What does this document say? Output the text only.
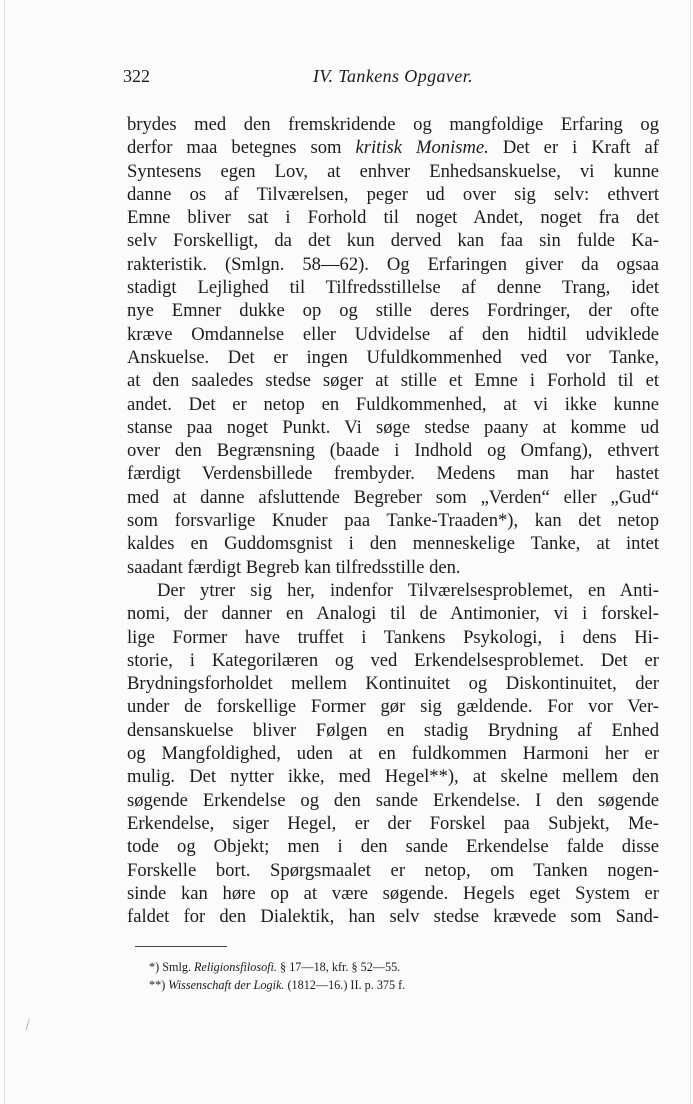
322	IV. Tankens Opgaver.
brydes med den fremskridende og mangfoldige Erfaring og
derfor maa betegnes som kritisk Monisme. Det er i Kraft af
Syntesens egen Lov, at enhver Enhedsanskuelse, vi kunne
danne os af Tilværelsen, peger ud over sig selv: ethvert
Emne bliver sat i Forhold til noget Andet, noget fra det
selv Forskelligt, da det kun derved kan faa sin fulde Ka-
rakteristik. (Smlgn. 58—62). Og Erfaringen giver da ogsaa
stadigt Lejlighed til Tilfredsstillelse af denne Trang, idet
nye Emner dukke op og stille deres Fordringer, der ofte
kræve Omdannelse eller Udvidelse af den hidtil udviklede
Anskuelse. Det er ingen Ufuldkommenhed ved vor Tanke,
at den saaledes stedse søger at stille et Emne i Forhold til et
andet. Det er netop en Fuldkommenhed, at vi ikke kunne
stanse paa noget Punkt. Vi søge stedse paany at komme ud
over den Begrænsning (baade i Indhold og Omfang), ethvert
færdigt Verdensbillede frembyder. Medens man har hastet
med at danne afsluttende Begreber som „Verden“ eller „Gud“
som forsvarlige Knuder paa Tanke-Traaden*), kan det netop
kaldes en Guddomsgnist i den menneskelige Tanke, at intet
saadant færdigt Begreb kan tilfredsstille den.
Der ytrer sig her, indenfor Tilværelsesproblemet, en Anti-
nomi, der danner en Analogi til de Antimonier, vi i forskel-
lige Former have truffet i Tankens Psykologi, i dens Hi-
storie, i Kategorilæren og ved Erkendelsesproblemet. Det er
Brydningsforholdet mellem Kontinuitet og Diskontinuitet, der
under de forskellige Former gør sig gældende. For vor Ver-
densanskuelse bliver Følgen en stadig Brydning af Enhed
og Mangfoldighed, uden at en fuldkommen Harmoni her er
mulig. Det nytter ikke, med Hegel**), at skelne mellem den
søgende Erkendelse og den sande Erkendelse. I den søgende
Erkendelse, siger Hegel, er der Forskel paa Subjekt, Me-
tode og Objekt; men i den sande Erkendelse falde disse
Forskelle bort. Spørgsmaalet er netop, om Tanken nogen-
sinde kan høre op at være søgende. Hegels eget System er
faldet for den Dialektik, han selv stedse krævede som Sand-
*) Smlg. Religionsfilosofi. § 17—18, kfr. § 52—55.
**) Wissenschaft der Logik. (1812—16.) II. p. 375 f.
⁄
